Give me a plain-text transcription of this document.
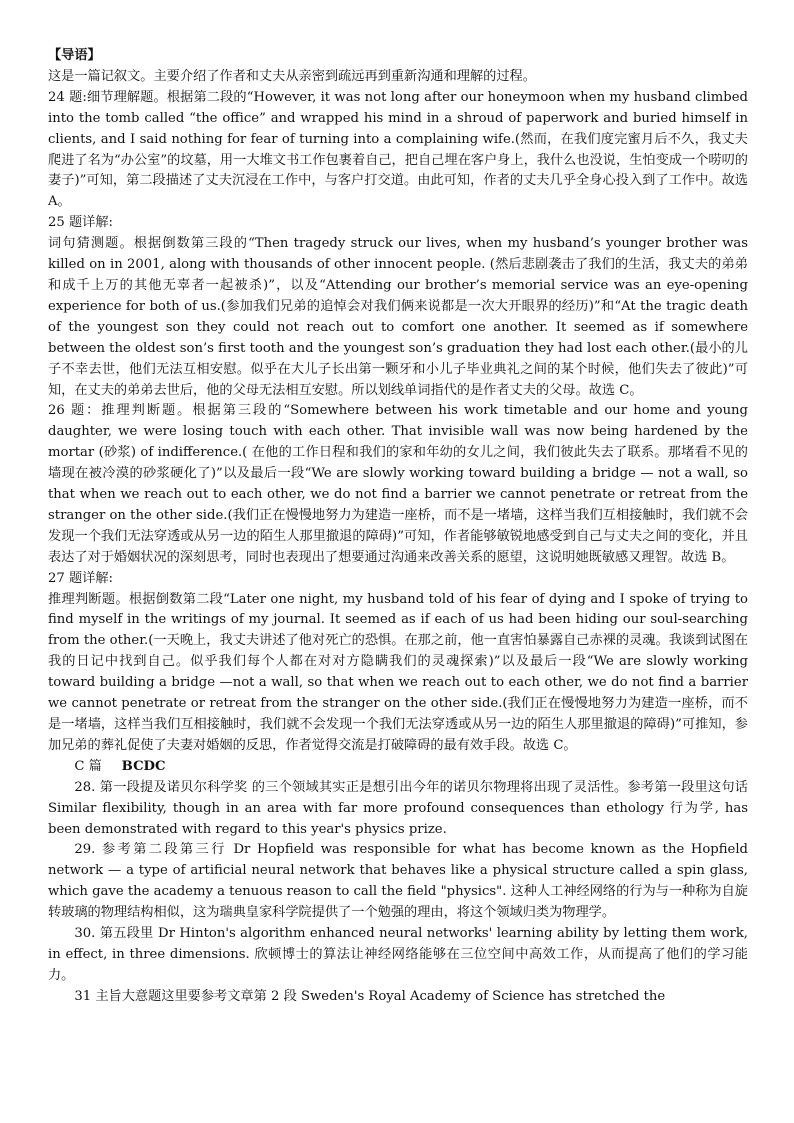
【导语】

这是一篇记叙文。主要介绍了作者和丈夫从亲密到疏远再到重新沟通和理解的过程。

24 题:细节理解题。根据第二段的“However, it was not long after our honeymoon when my husband climbed into the tomb called “the office” and wrapped his mind in a shroud of paperwork and buried himself in clients, and I said nothing for fear of turning into a complaining wife.(然而，在我们度完蜜月后不久，我丈夫爬进了名为“办公室”的坟墓，用一大堆文书工作包裹着自己，把自己埋在客户身上，我什么也没说，生怕变成一个唠叨的妻子)”可知，第二段描述了丈夫沉浸在工作中，与客户打交道。由此可知，作者的丈夫几乎全身心投入到了工作中。故选 A。

25 题详解:

词句猜测题。根据倒数第三段的“Then tragedy struck our lives, when my husband’s younger brother was killed on in 2001, along with thousands of other innocent people. (然后悲剧袭击了我们的生活，我丈夫的弟弟和成千上万的其他无辜者一起被杀)”，以及“Attending our brother’s memorial service was an eye-opening experience for both of us.(参加我们兄弟的追悼会对我们俩来说都是一次大开眼界的经历)”和“At the tragic death of the youngest son they could not reach out to comfort one another. It seemed as if somewhere between the oldest son’s first tooth and the youngest son’s graduation they had lost each other.(最小的儿子不幸去世，他们无法互相安慰。似乎在大儿子长出第一颗牙和小儿子毕业典礼之间的某个时候，他们失去了彼此)”可知，在丈夫的弟弟去世后，他的父母无法相互安慰。所以划线单词指代的是作者丈夫的父母。故选 C。

26 题：推理判断题。根据第三段的“Somewhere between his work timetable and our home and young daughter, we were losing touch with each other. That invisible wall was now being hardened by the mortar (砂浆) of indifference.( 在他的工作日程和我们的家和年幼的女儿之间，我们彼此失去了联系。那堵看不见的墙现在被冷漠的砂浆硬化了)”以及最后一段“We are slowly working toward building a bridge — not a wall, so that when we reach out to each other, we do not find a barrier we cannot penetrate or retreat from the stranger on the other side.(我们正在慢慢地努力为建造一座桥，而不是一堵墙，这样当我们互相接触时，我们就不会发现一个我们无法穿透或从另一边的陌生人那里撤退的障碍)”可知，作者能够敏锐地感受到自己与丈夫之间的变化，并且表达了对于婚姻状况的深刻思考，同时也表现出了想要通过沟通来改善关系的愿望，这说明她既敏感又理智。故选 B。

27 题详解:

推理判断题。根据倒数第二段“Later one night, my husband told of his fear of dying and I spoke of trying to find myself in the writings of my journal. It seemed as if each of us had been hiding our soul-searching from the other.(一天晚上，我丈夫讲述了他对死亡的恐惧。在那之前，他一直害怕暴露自己赤裸的灵魂。我谈到试图在我的日记中找到自己。似乎我们每个人都在对对方隐瞒我们的灵魂探索)”以及最后一段“We are slowly working toward building a bridge —not a wall, so that when we reach out to each other, we do not find a barrier we cannot penetrate or retreat from the stranger on the other side.(我们正在慢慢地努力为建造一座桥，而不是一堵墙，这样当我们互相接触时，我们就不会发现一个我们无法穿透或从另一边的陌生人那里撤退的障碍)”可推知，参加兄弟的葬礼促使了夫妻对婚姻的反思，作者觉得交流是打破障碍的最有效手段。故选 C。

C 篇 BCDC

28. 第一段提及诺贝尔科学奖 的三个领域其实正是想引出今年的诺贝尔物理将出现了灵活性。参考第一段里这句话 Similar flexibility, though in an area with far more profound consequences than ethology 行为学, has been demonstrated with regard to this year's physics prize.

29. 参考第二段第三行 Dr Hopfield was responsible for what has become known as the Hopfield network — a type of artificial neural network that behaves like a physical structure called a spin glass, which gave the academy a tenuous reason to call the field "physics". 这种人工神经网络的行为与一种称为自旋转玻璃的物理结构相似，这为瑞典皇家科学院提供了一个勉强的理由，将这个领域归类为物理学。

30. 第五段里 Dr Hinton's algorithm enhanced neural networks' learning ability by letting them work, in effect, in three dimensions. 欣顿博士的算法让神经网络能够在三位空间中高效工作，从而提高了他们的学习能力。

31 主旨大意题这里要参考文章第 2 段 Sweden's Royal Academy of Science has stretched the
